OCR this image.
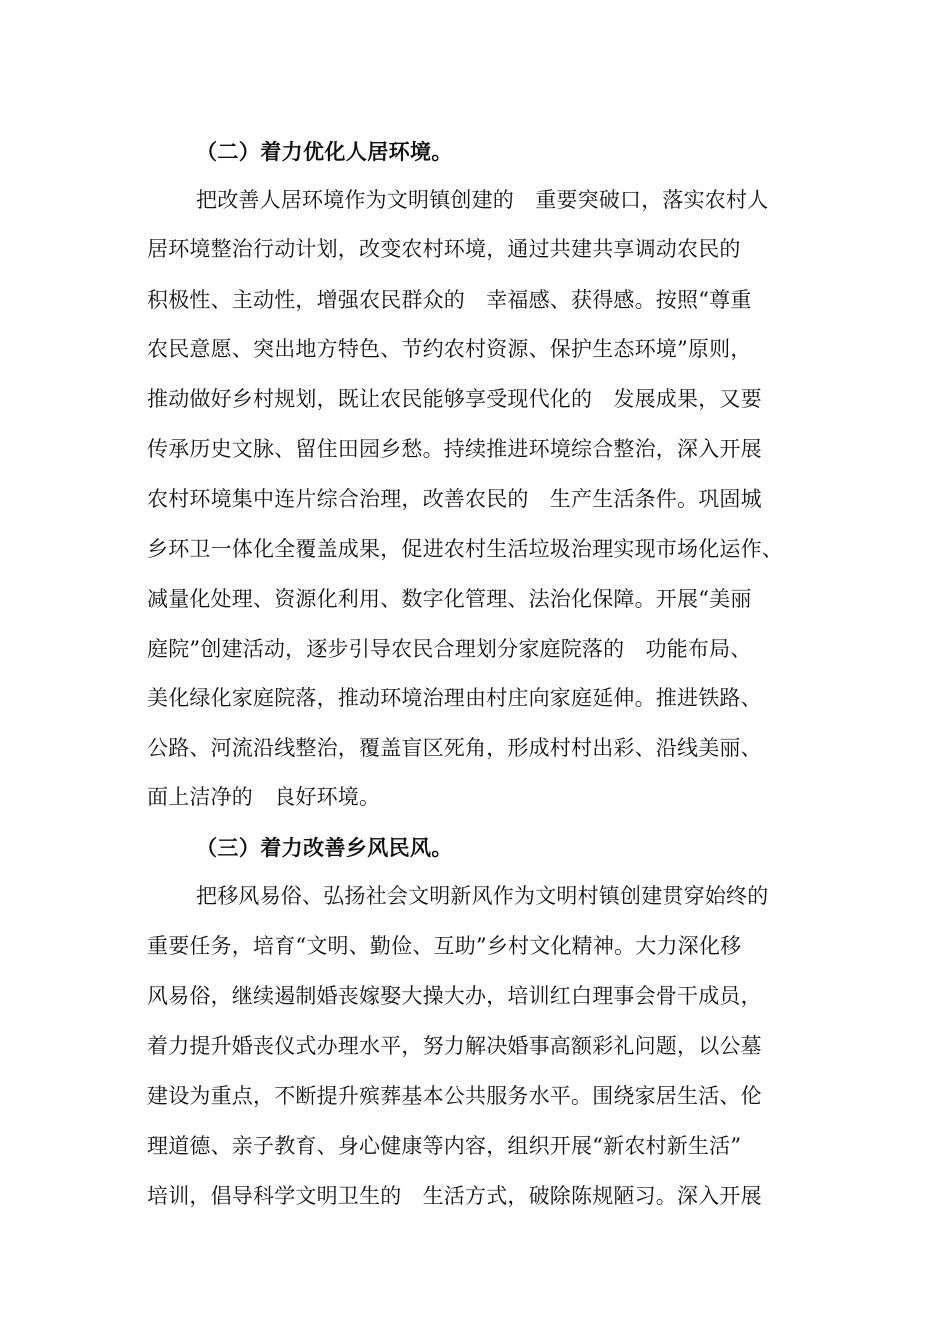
（二）着力优化人居环境。
把改善人居环境作为文明镇创建的　重要突破口，落实农村人
居环境整治行动计划，改变农村环境，通过共建共享调动农民的
积极性、主动性，增强农民群众的　幸福感、获得感。按照“尊重
农民意愿、突出地方特色、节约农村资源、保护生态环境”原则，
推动做好乡村规划，既让农民能够享受现代化的　发展成果，又要
传承历史文脉、留住田园乡愁。持续推进环境综合整治，深入开展
农村环境集中连片综合治理，改善农民的　生产生活条件。巩固城
乡环卫一体化全覆盖成果，促进农村生活垃圾治理实现市场化运作、
减量化处理、资源化利用、数字化管理、法治化保障。开展“美丽
庭院”创建活动，逐步引导农民合理划分家庭院落的　功能布局、
美化绿化家庭院落，推动环境治理由村庄向家庭延伸。推进铁路、
公路、河流沿线整治，覆盖盲区死角，形成村村出彩、沿线美丽、
面上洁净的　良好环境。
（三）着力改善乡风民风。
把移风易俗、弘扬社会文明新风作为文明村镇创建贯穿始终的
重要任务，培育“文明、勤俭、互助”乡村文化精神。大力深化移
风易俗，继续遏制婚丧嫁娶大操大办，培训红白理事会骨干成员，
着力提升婚丧仪式办理水平，努力解决婚事高额彩礼问题，以公墓
建设为重点，不断提升殡葬基本公共服务水平。围绕家居生活、伦
理道德、亲子教育、身心健康等内容，组织开展“新农村新生活”
培训，倡导科学文明卫生的　生活方式，破除陈规陋习。深入开展
